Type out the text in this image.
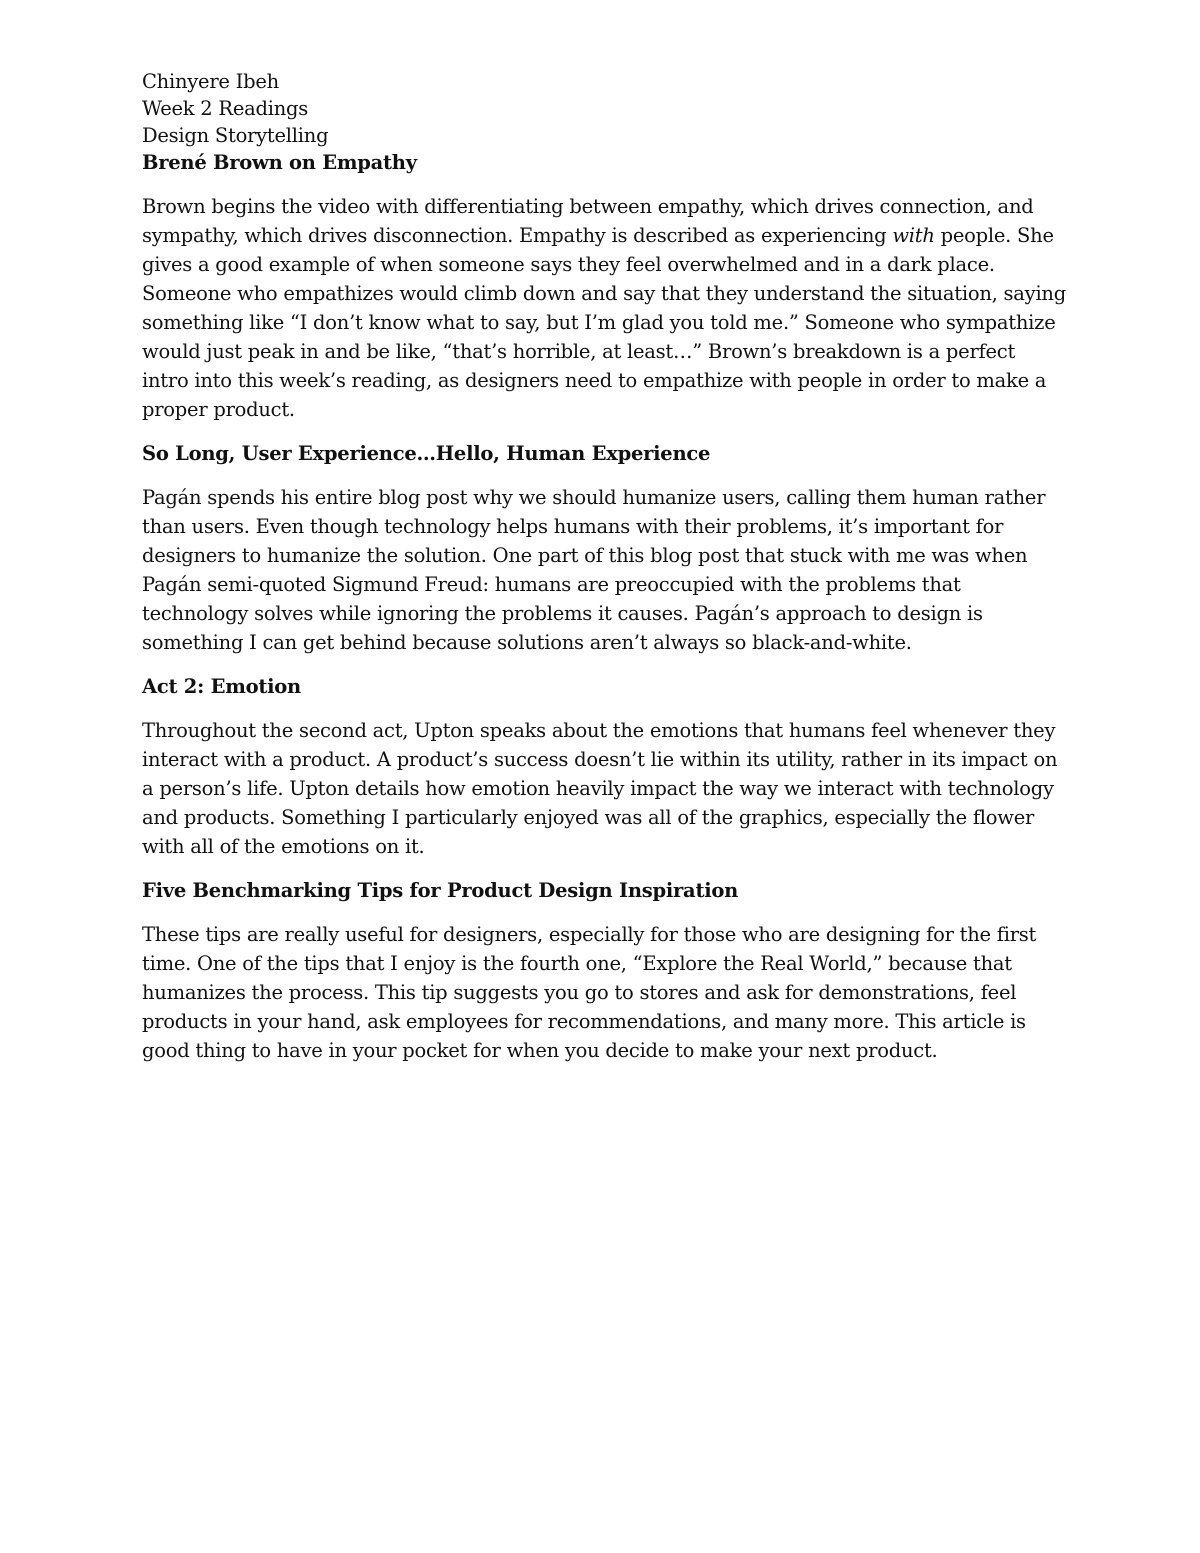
Chinyere Ibeh

Week 2 Readings

Design Storytelling

Brené Brown on Empathy

Brown begins the video with differentiating between empathy, which drives connection, and sympathy, which drives disconnection. Empathy is described as experiencing with people. She gives a good example of when someone says they feel overwhelmed and in a dark place. Someone who empathizes would climb down and say that they understand the situation, saying something like “I don’t know what to say, but I’m glad you told me.” Someone who sympathize would just peak in and be like, “that’s horrible, at least…” Brown’s breakdown is a perfect intro into this week’s reading, as designers need to empathize with people in order to make a proper product.

So Long, User Experience…Hello, Human Experience

Pagán spends his entire blog post why we should humanize users, calling them human rather than users. Even though technology helps humans with their problems, it’s important for designers to humanize the solution. One part of this blog post that stuck with me was when Pagán semi-quoted Sigmund Freud: humans are preoccupied with the problems that technology solves while ignoring the problems it causes. Pagán’s approach to design is something I can get behind because solutions aren’t always so black-and-white.

Act 2: Emotion

Throughout the second act, Upton speaks about the emotions that humans feel whenever they interact with a product. A product’s success doesn’t lie within its utility, rather in its impact on a person’s life. Upton details how emotion heavily impact the way we interact with technology and products. Something I particularly enjoyed was all of the graphics, especially the flower with all of the emotions on it.

Five Benchmarking Tips for Product Design Inspiration

These tips are really useful for designers, especially for those who are designing for the first time. One of the tips that I enjoy is the fourth one, “Explore the Real World,” because that humanizes the process. This tip suggests you go to stores and ask for demonstrations, feel products in your hand, ask employees for recommendations, and many more. This article is good thing to have in your pocket for when you decide to make your next product.
